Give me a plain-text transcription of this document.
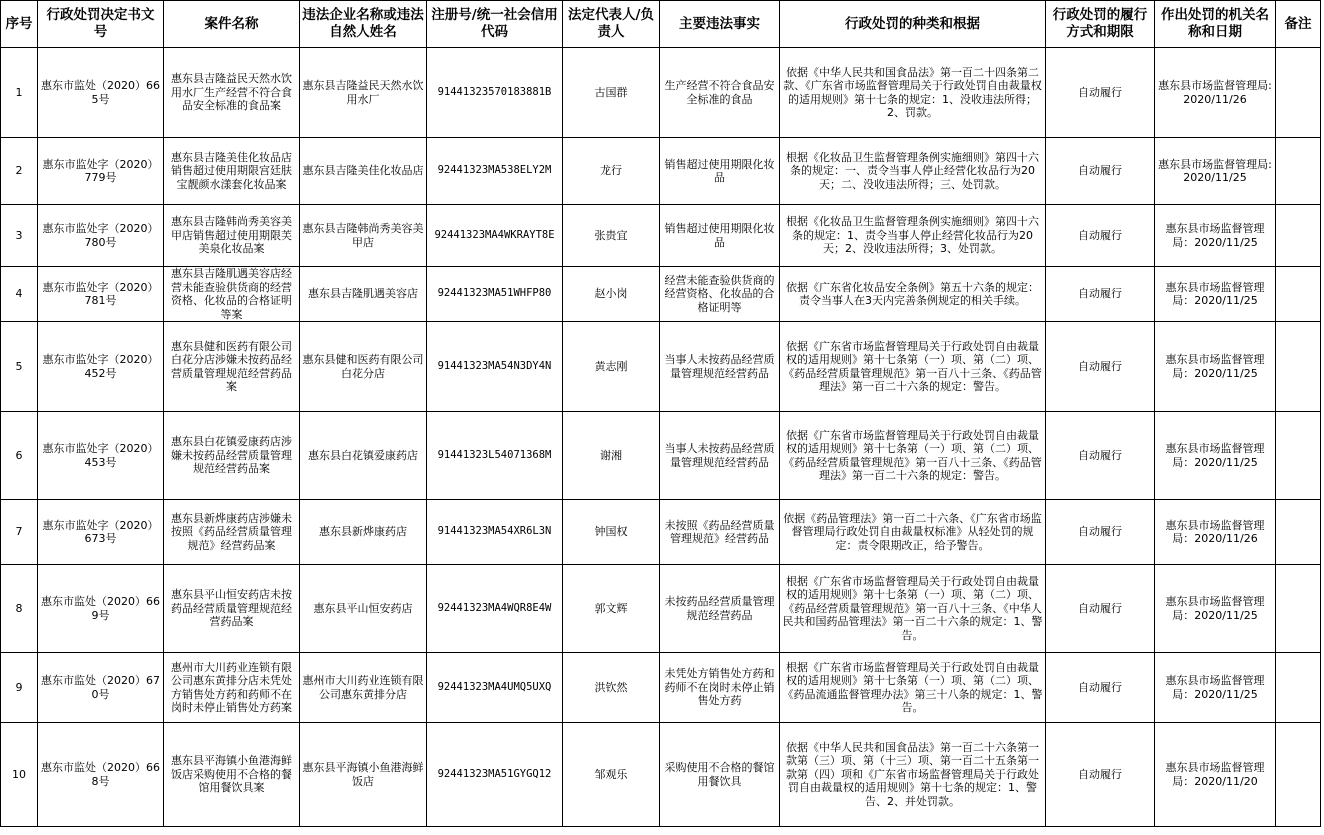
序号	行政处罚决定书文号	案件名称	违法企业名称或违法自然人姓名	注册号/统一社会信用代码	法定代表人/负责人	主要违法事实	行政处罚的种类和根据	行政处罚的履行方式和期限	作出处罚的机关名称和日期	备注
1	惠东市监处（2020）665号	惠东县吉隆益民天然水饮用水厂生产经营不符合食品安全标准的食品案	惠东县吉隆益民天然水饮用水厂	91441323570183881B	古国群	生产经营不符合食品安全标准的食品	依据《中华人民共和国食品法》第一百二十四条第二款、《广东省市场监督管理局关于行政处罚自由裁量权的适用规则》第十七条的规定：1、没收违法所得；2、罚款。	自动履行	惠东县市场监督管理局:2020/11/26	
2	惠东市监处字（2020）779号	惠东县吉隆美佳化妆品店销售超过使用期限宫廷肤宝靓颜水漾套化妆品案	惠东县吉隆美佳化妆品店	92441323MA538ELY2M	龙行	销售超过使用期限化妆品	根据《化妆品卫生监督管理条例实施细则》第四十六条的规定：一、责令当事人停止经营化妆品行为20天；二、没收违法所得；三、处罚款。	自动履行	惠东县市场监督管理局:2020/11/25	
3	惠东市监处字（2020）780号	惠东县吉隆韩尚秀美容美甲店销售超过使用期限芙美泉化妆品案	惠东县吉隆韩尚秀美容美甲店	92441323MA4WKRAYT8E	张贵宜	销售超过使用期限化妆品	根据《化妆品卫生监督管理条例实施细则》第四十六条的规定：1、责令当事人停止经营化妆品行为20天；2、没收违法所得；3、处罚款。	自动履行	惠东县市场监督管理局：2020/11/25	
4	惠东市监处字（2020）781号	惠东县吉隆肌遇美容店经营未能查验供货商的经营资格、化妆品的合格证明等案	惠东县吉隆肌遇美容店	92441323MA51WHFP80	赵小岗	经营未能查验供货商的经营资格、化妆品的合格证明等	依据《广东省化妆品安全条例》第五十六条的规定：责令当事人在3天内完善条例规定的相关手续。	自动履行	惠东县市场监督管理局：2020/11/25	
5	惠东市监处字（2020）452号	惠东县健和医药有限公司白花分店涉嫌未按药品经营质量管理规范经营药品案	惠东县健和医药有限公司白花分店	91441323MA54N3DY4N	黄志刚	当事人未按药品经营质量管理规范经营药品	依据《广东省市场监督管理局关于行政处罚自由裁量权的适用规则》第十七条第（一）项、第（二）项、《药品经营质量管理规范》第一百八十三条、《药品管理法》第一百二十六条的规定：警告。	自动履行	惠东县市场监督管理局：2020/11/25	
6	惠东市监处字（2020）453号	惠东县白花镇爱康药店涉嫌未按药品经营质量管理规范经营药品案	惠东县白花镇爱康药店	91441323L54071368M	谢湘	当事人未按药品经营质量管理规范经营药品	依据《广东省市场监督管理局关于行政处罚自由裁量权的适用规则》第十七条第（一）项、第（二）项、《药品经营质量管理规范》第一百八十三条、《药品管理法》第一百二十六条的规定：警告。	自动履行	惠东县市场监督管理局：2020/11/25	
7	惠东市监处字（2020）673号	惠东县新烨康药店涉嫌未按照《药品经营质量管理规范》经营药品案	惠东县新烨康药店	91441323MA54XR6L3N	钟国权	未按照《药品经营质量管理规范》经营药品	依据《药品管理法》第一百二十六条、《广东省市场监督管理局行政处罚自由裁量权标准》从轻处罚的规定：责令限期改正，给予警告。	自动履行	惠东县市场监督管理局：2020/11/26	
8	惠东市监处（2020）669号	惠东县平山恒安药店未按药品经营质量管理规范经营药品案	惠东县平山恒安药店	92441323MA4WQR8E4W	郭文辉	未按药品经营质量管理规范经营药品	根据《广东省市场监督管理局关于行政处罚自由裁量权的适用规则》第十七条第（一）项、第（二）项、《药品经营质量管理规范》第一百八十三条、《中华人民共和国药品管理法》第一百二十六条的规定：1、警告。	自动履行	惠东县市场监督管理局：2020/11/25	
9	惠东市监处（2020）670号	惠州市大川药业连锁有限公司惠东黄排分店未凭处方销售处方药和药师不在岗时未停止销售处方药案	惠州市大川药业连锁有限公司惠东黄排分店	92441323MA4UMQ5UXQ	洪钦然	未凭处方销售处方药和药师不在岗时未停止销售处方药	根据《广东省市场监督管理局关于行政处罚自由裁量权的适用规则》第十七条第（一）项、第（二）项、《药品流通监督管理办法》第三十八条的规定：1、警告。	自动履行	惠东县市场监督管理局：2020/11/25	
10	惠东市监处（2020）668号	惠东县平海镇小鱼港海鲜饭店采购使用不合格的餐馆用餐饮具案	惠东县平海镇小鱼港海鲜饭店	92441323MA51GYGQ12	邹观乐	采购使用不合格的餐馆用餐饮具	依据《中华人民共和国食品法》第一百二十六条第一款第（三）项、第（十三）项、第一百二十五条第一款第（四）项和《广东省市场监督管理局关于行政处罚自由裁量权的适用规则》第十七条的规定：1、警告、2、并处罚款。	自动履行	惠东县市场监督管理局：2020/11/20	
